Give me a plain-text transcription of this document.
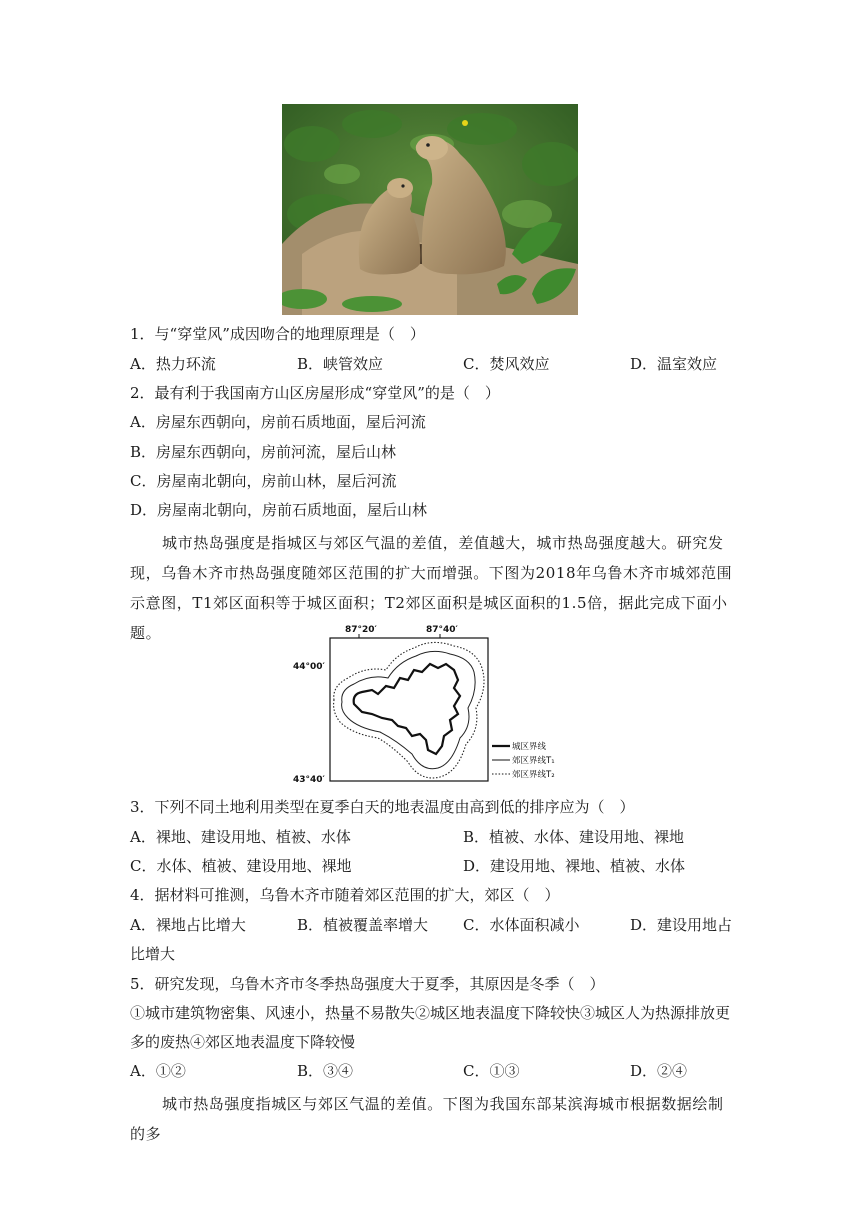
1．与“穿堂风”成因吻合的地理原理是（　）
A．热力环流	B．峡管效应	C．焚风效应	D．温室效应
2．最有利于我国南方山区房屋形成“穿堂风”的是（　）
A．房屋东西朝向，房前石质地面，屋后河流
B．房屋东西朝向，房前河流，屋后山林
C．房屋南北朝向，房前山林，屋后河流
D．房屋南北朝向，房前石质地面，屋后山林
城市热岛强度是指城区与郊区气温的差值，差值越大，城市热岛强度越大。研究发现，乌鲁木齐市热岛强度随郊区范围的扩大而增强。下图为2018年乌鲁木齐市城郊范围示意图，T1郊区面积等于城区面积；T2郊区面积是城区面积的1.5倍，据此完成下面小题。	87°20′	87°40′
44°00′
43°40′
城区界线
郊区界线T₁
郊区界线T₂
3．下列不同土地利用类型在夏季白天的地表温度由高到低的排序应为（　）
A．裸地、建设用地、植被、水体	B．植被、水体、建设用地、裸地
C．水体、植被、建设用地、裸地	D．建设用地、裸地、植被、水体
4．据材料可推测，乌鲁木齐市随着郊区范围的扩大，郊区（　）
A．裸地占比增大	B．植被覆盖率增大 C．水体面积减小	D．建设用地占
比增大
5．研究发现，乌鲁木齐市冬季热岛强度大于夏季，其原因是冬季（　）
①城市建筑物密集、风速小，热量不易散失②城区地表温度下降较快③城区人为热源排放更
多的废热④郊区地表温度下降较慢
A．①②	B．③④	C．①③	D．②④
城市热岛强度指城区与郊区气温的差值。下图为我国东部某滨海城市根据数据绘制的多
